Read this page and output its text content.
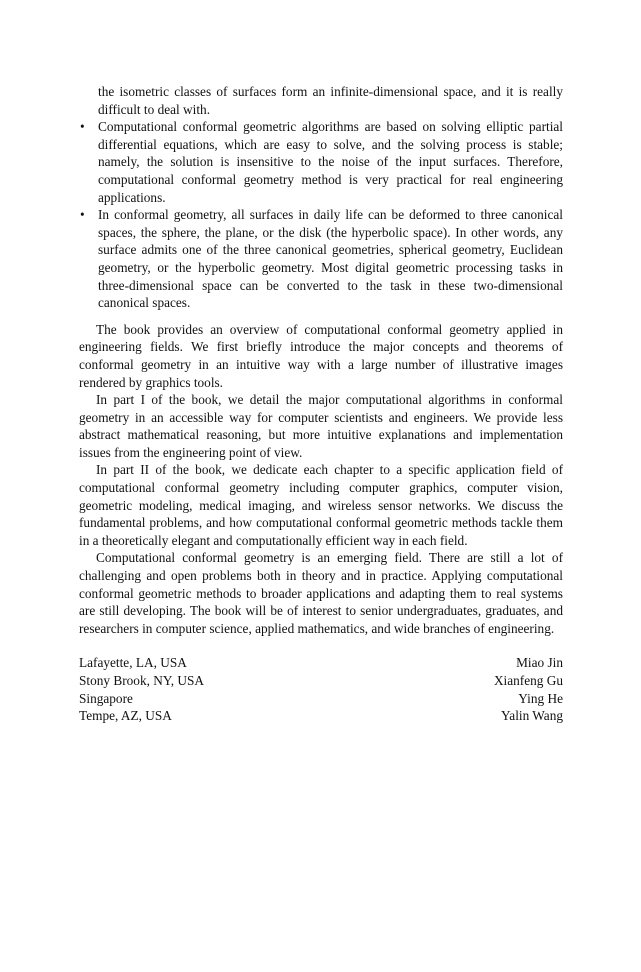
the isometric classes of surfaces form an infinite-dimensional space, and it is really difficult to deal with.
• Computational conformal geometric algorithms are based on solving elliptic partial differential equations, which are easy to solve, and the solving process is stable; namely, the solution is insensitive to the noise of the input surfaces. Therefore, computational conformal geometry method is very practical for real engineering applications.
• In conformal geometry, all surfaces in daily life can be deformed to three canonical spaces, the sphere, the plane, or the disk (the hyperbolic space). In other words, any surface admits one of the three canonical geometries, spherical geometry, Euclidean geometry, or the hyperbolic geometry. Most digital geometric processing tasks in three-dimensional space can be converted to the task in these two-dimensional canonical spaces.

The book provides an overview of computational conformal geometry applied in engineering fields. We first briefly introduce the major concepts and theorems of conformal geometry in an intuitive way with a large number of illustrative images rendered by graphics tools.

In part I of the book, we detail the major computational algorithms in conformal geometry in an accessible way for computer scientists and engineers. We provide less abstract mathematical reasoning, but more intuitive explanations and implementation issues from the engineering point of view.

In part II of the book, we dedicate each chapter to a specific application field of computational conformal geometry including computer graphics, computer vision, geometric modeling, medical imaging, and wireless sensor networks. We discuss the fundamental problems, and how computational conformal geometric methods tackle them in a theoretically elegant and computationally efficient way in each field.

Computational conformal geometry is an emerging field. There are still a lot of challenging and open problems both in theory and in practice. Applying computational conformal geometric methods to broader applications and adapting them to real systems are still developing. The book will be of interest to senior undergraduates, graduates, and researchers in computer science, applied mathematics, and wide branches of engineering.

Lafayette, LA, USA	Miao Jin
Stony Brook, NY, USA	Xianfeng Gu
Singapore	Ying He
Tempe, AZ, USA	Yalin Wang
